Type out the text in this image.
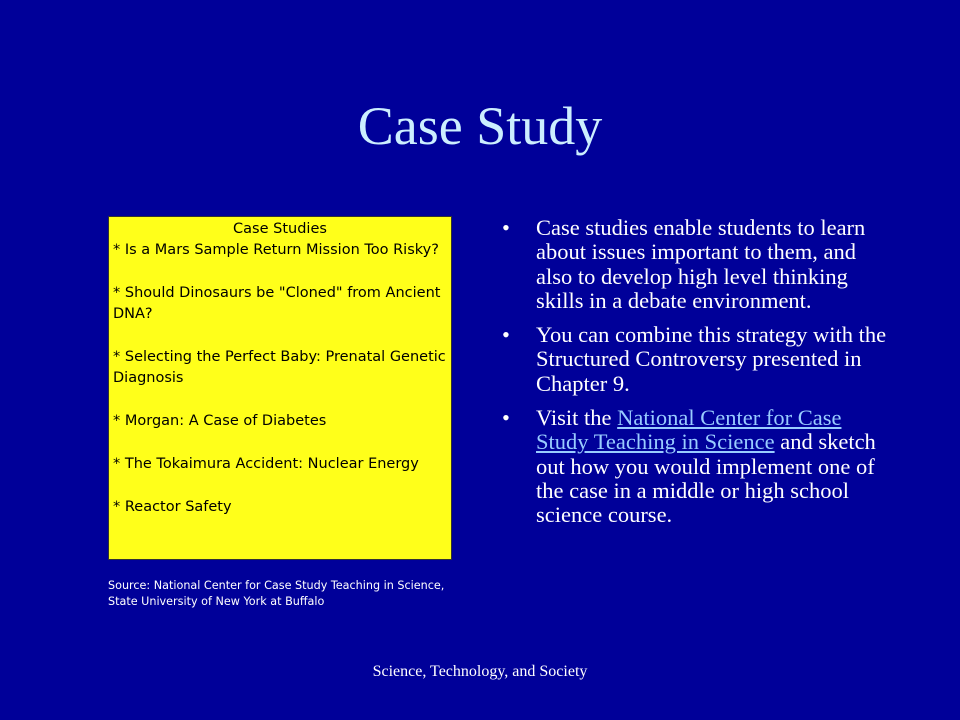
Case Study
Case Studies
* Is a Mars Sample Return Mission Too Risky?
* Should Dinosaurs be "Cloned" from Ancient DNA?
* Selecting the Perfect Baby: Prenatal Genetic Diagnosis
* Morgan: A Case of Diabetes
* The Tokaimura Accident: Nuclear Energy
* Reactor Safety
Source: National Center for Case Study Teaching in Science, State University of New York at Buffalo
•	Case studies enable students to learn about issues important to them, and also to develop high level thinking skills in a debate environment.
•	You can combine this strategy with the Structured Controversy presented in Chapter 9.
•	Visit the National Center for Case Study Teaching in Science and sketch out how you would implement one of the case in a middle or high school science course.
Science, Technology, and Society
